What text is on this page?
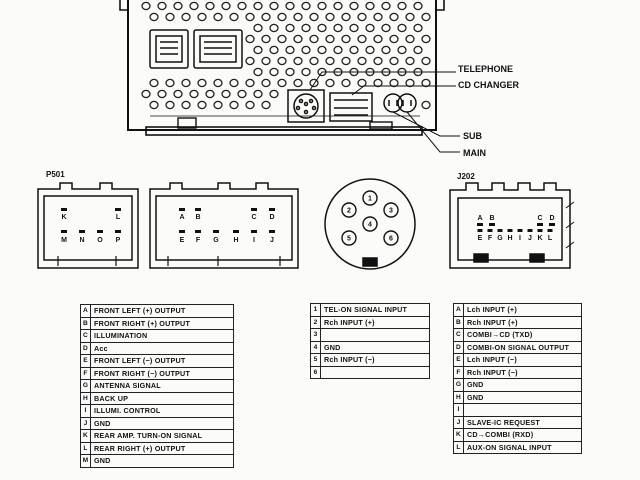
TELEPHONE
CD CHANGER
SUB
MAIN
P501
K	L
M N O P
A B	C D
E F G H I J
1
2	3
4
5	6
J202
A B	C D
E F G H I J K L
A	FRONT LEFT (+) OUTPUT
B	FRONT RIGHT (+) OUTPUT
C	ILLUMINATION
D	Acc
E	FRONT LEFT (−) OUTPUT
F	FRONT RIGHT (−) OUTPUT
G	ANTENNA SIGNAL
H	BACK UP
I	ILLUMI. CONTROL
J	GND
K	REAR AMP. TURN-ON SIGNAL
L	REAR RIGHT (+) OUTPUT
M	GND
1	TEL-ON SIGNAL INPUT
2	Rch INPUT (+)
3	
4	GND
5	Rch INPUT (−)
6	
A	Lch INPUT (+)
B	Rch INPUT (+)
C	COMBI→CD (TXD)
D	COMBI-ON SIGNAL OUTPUT
E	Lch INPUT (−)
F	Rch INPUT (−)
G	GND
H	GND
I	
J	SLAVE-IC REQUEST
K	CD→COMBI (RXD)
L	AUX-ON SIGNAL INPUT
